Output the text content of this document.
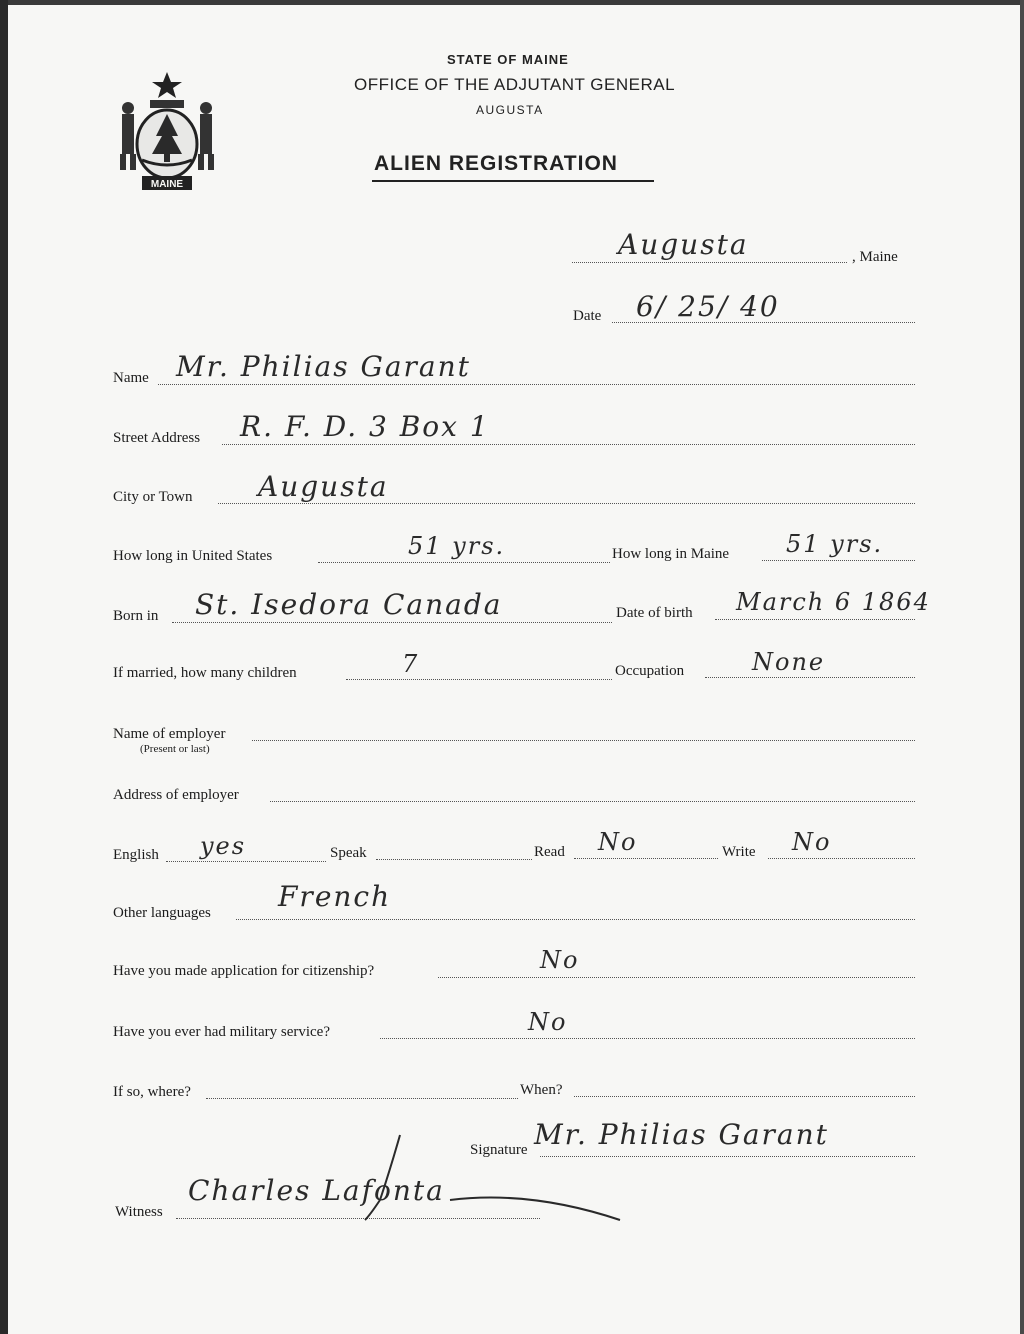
MAINE
STATE OF MAINE
OFFICE OF THE ADJUTANT GENERAL
AUGUSTA
ALIEN REGISTRATION
Augusta	, Maine
Date 6/ 25/ 40
Name Mr. Philias Garant
Street Address R. F. D. 3 Box 1
City or Town Augusta
How long in United States	51 yrs.	How long in Maine 51 yrs.
Born in St. Isedora Canada	Date of birth March 6 1864
If married, how many children	7	Occupation	None
Name of employer
(Present or last)
Address of employer
English yes	Speak	Read No	Write No
Other languages French
Have you made application for citizenship?	No
Have you ever had military service?	No
If so, where?	When?
Signature Mr. Philias Garant
Witness
Charles Lafonta
